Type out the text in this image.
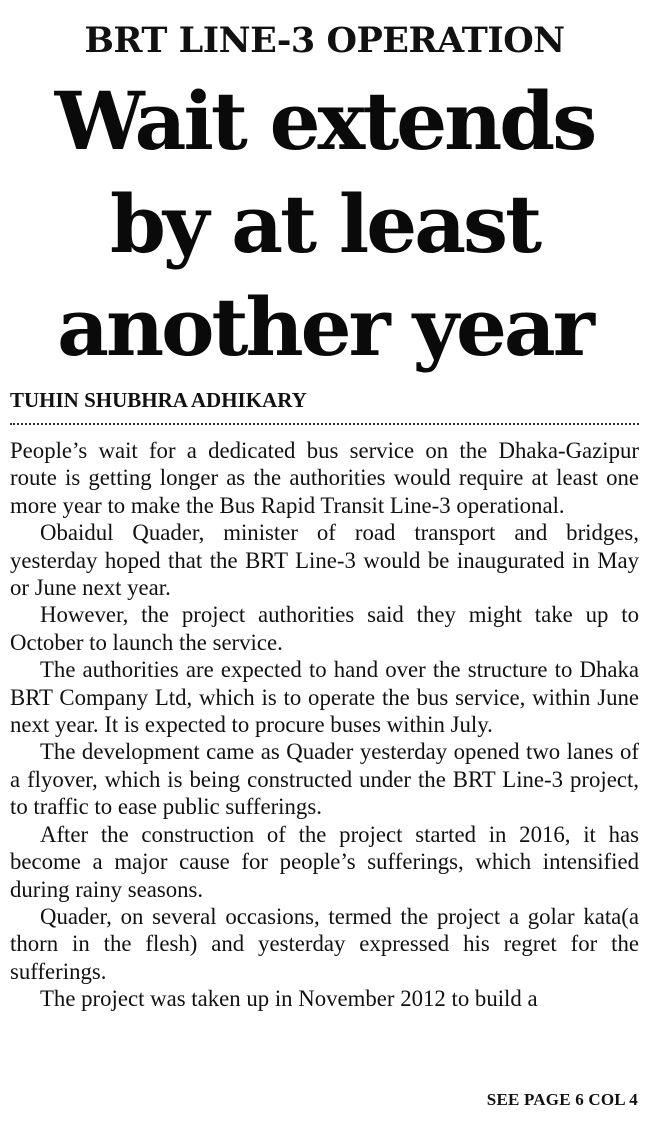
BRT LINE-3 OPERATION
Wait extends
by at least
another year
TUHIN SHUBHRA ADHIKARY

People’s wait for a dedicated bus service on the Dhaka-Gazipur route is getting longer as the authorities would require at least one more year to make the Bus Rapid Transit Line-3 operational.

Obaidul Quader, minister of road transport and bridges, yesterday hoped that the BRT Line-3 would be inaugurated in May or June next year.

However, the project authorities said they might take up to October to launch the service.

The authorities are expected to hand over the structure to Dhaka BRT Company Ltd, which is to operate the bus service, within June next year. It is expected to procure buses within July.

The development came as Quader yesterday opened two lanes of a flyover, which is being constructed under the BRT Line-3 project, to traffic to ease public sufferings.

After the construction of the project started in 2016, it has become a major cause for people’s sufferings, which intensified during rainy seasons.

Quader, on several occasions, termed the project a golar kata(a thorn in the flesh) and yesterday expressed his regret for the sufferings.

The project was taken up in November 2012 to build a

SEE PAGE 6 COL 4
